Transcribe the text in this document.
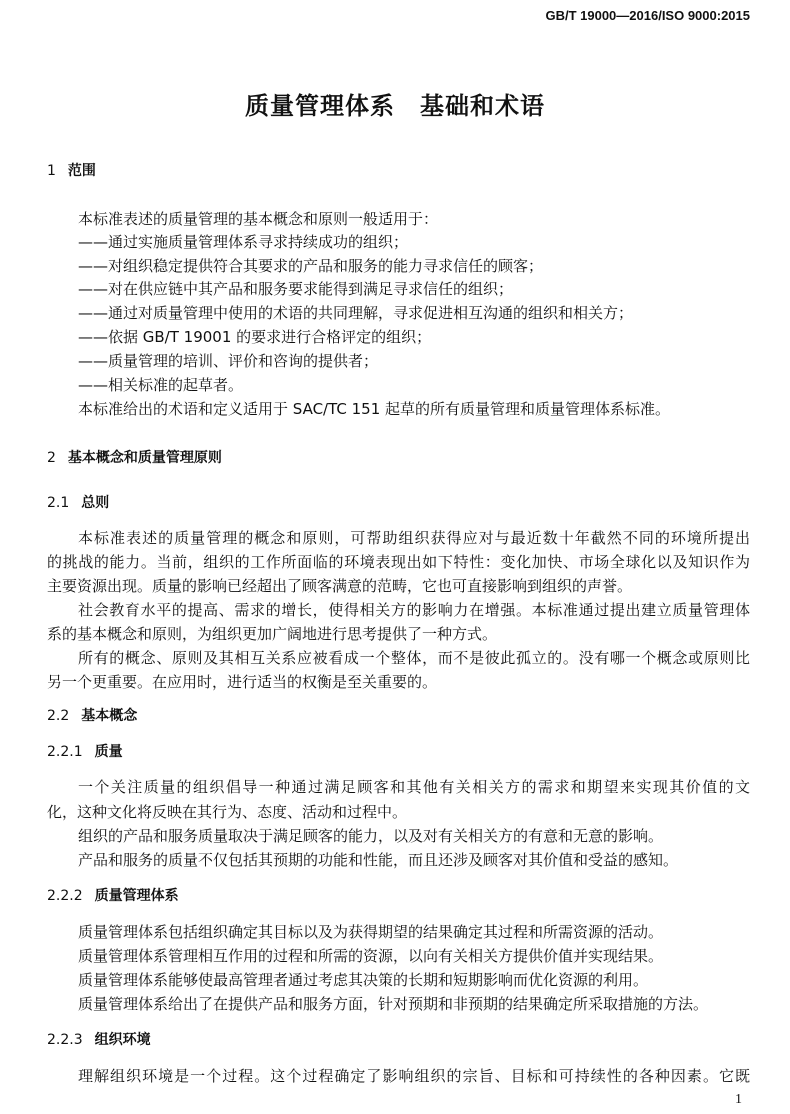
GB/T 19000—2016/ISO 9000:2015
质量管理体系　基础和术语
1 范围
本标准表述的质量管理的基本概念和原则一般适用于：
——通过实施质量管理体系寻求持续成功的组织；
——对组织稳定提供符合其要求的产品和服务的能力寻求信任的顾客；
——对在供应链中其产品和服务要求能得到满足寻求信任的组织；
——通过对质量管理中使用的术语的共同理解，寻求促进相互沟通的组织和相关方；
——依据 GB/T 19001 的要求进行合格评定的组织；
——质量管理的培训、评价和咨询的提供者；
——相关标准的起草者。
本标准给出的术语和定义适用于 SAC/TC 151 起草的所有质量管理和质量管理体系标准。
2 基本概念和质量管理原则
2.1 总则
本标准表述的质量管理的概念和原则，可帮助组织获得应对与最近数十年截然不同的环境所提出
的挑战的能力。当前，组织的工作所面临的环境表现出如下特性：变化加快、市场全球化以及知识作为
主要资源出现。质量的影响已经超出了顾客满意的范畴，它也可直接影响到组织的声誉。
社会教育水平的提高、需求的增长，使得相关方的影响力在增强。本标准通过提出建立质量管理体
系的基本概念和原则，为组织更加广阔地进行思考提供了一种方式。
所有的概念、原则及其相互关系应被看成一个整体，而不是彼此孤立的。没有哪一个概念或原则比
另一个更重要。在应用时，进行适当的权衡是至关重要的。
2.2 基本概念
2.2.1 质量
一个关注质量的组织倡导一种通过满足顾客和其他有关相关方的需求和期望来实现其价值的文
化，这种文化将反映在其行为、态度、活动和过程中。
组织的产品和服务质量取决于满足顾客的能力，以及对有关相关方的有意和无意的影响。
产品和服务的质量不仅包括其预期的功能和性能，而且还涉及顾客对其价值和受益的感知。
2.2.2 质量管理体系
质量管理体系包括组织确定其目标以及为获得期望的结果确定其过程和所需资源的活动。
质量管理体系管理相互作用的过程和所需的资源，以向有关相关方提供价值并实现结果。
质量管理体系能够使最高管理者通过考虑其决策的长期和短期影响而优化资源的利用。
质量管理体系给出了在提供产品和服务方面，针对预期和非预期的结果确定所采取措施的方法。
2.2.3 组织环境
理解组织环境是一个过程。这个过程确定了影响组织的宗旨、目标和可持续性的各种因素。它既
1
